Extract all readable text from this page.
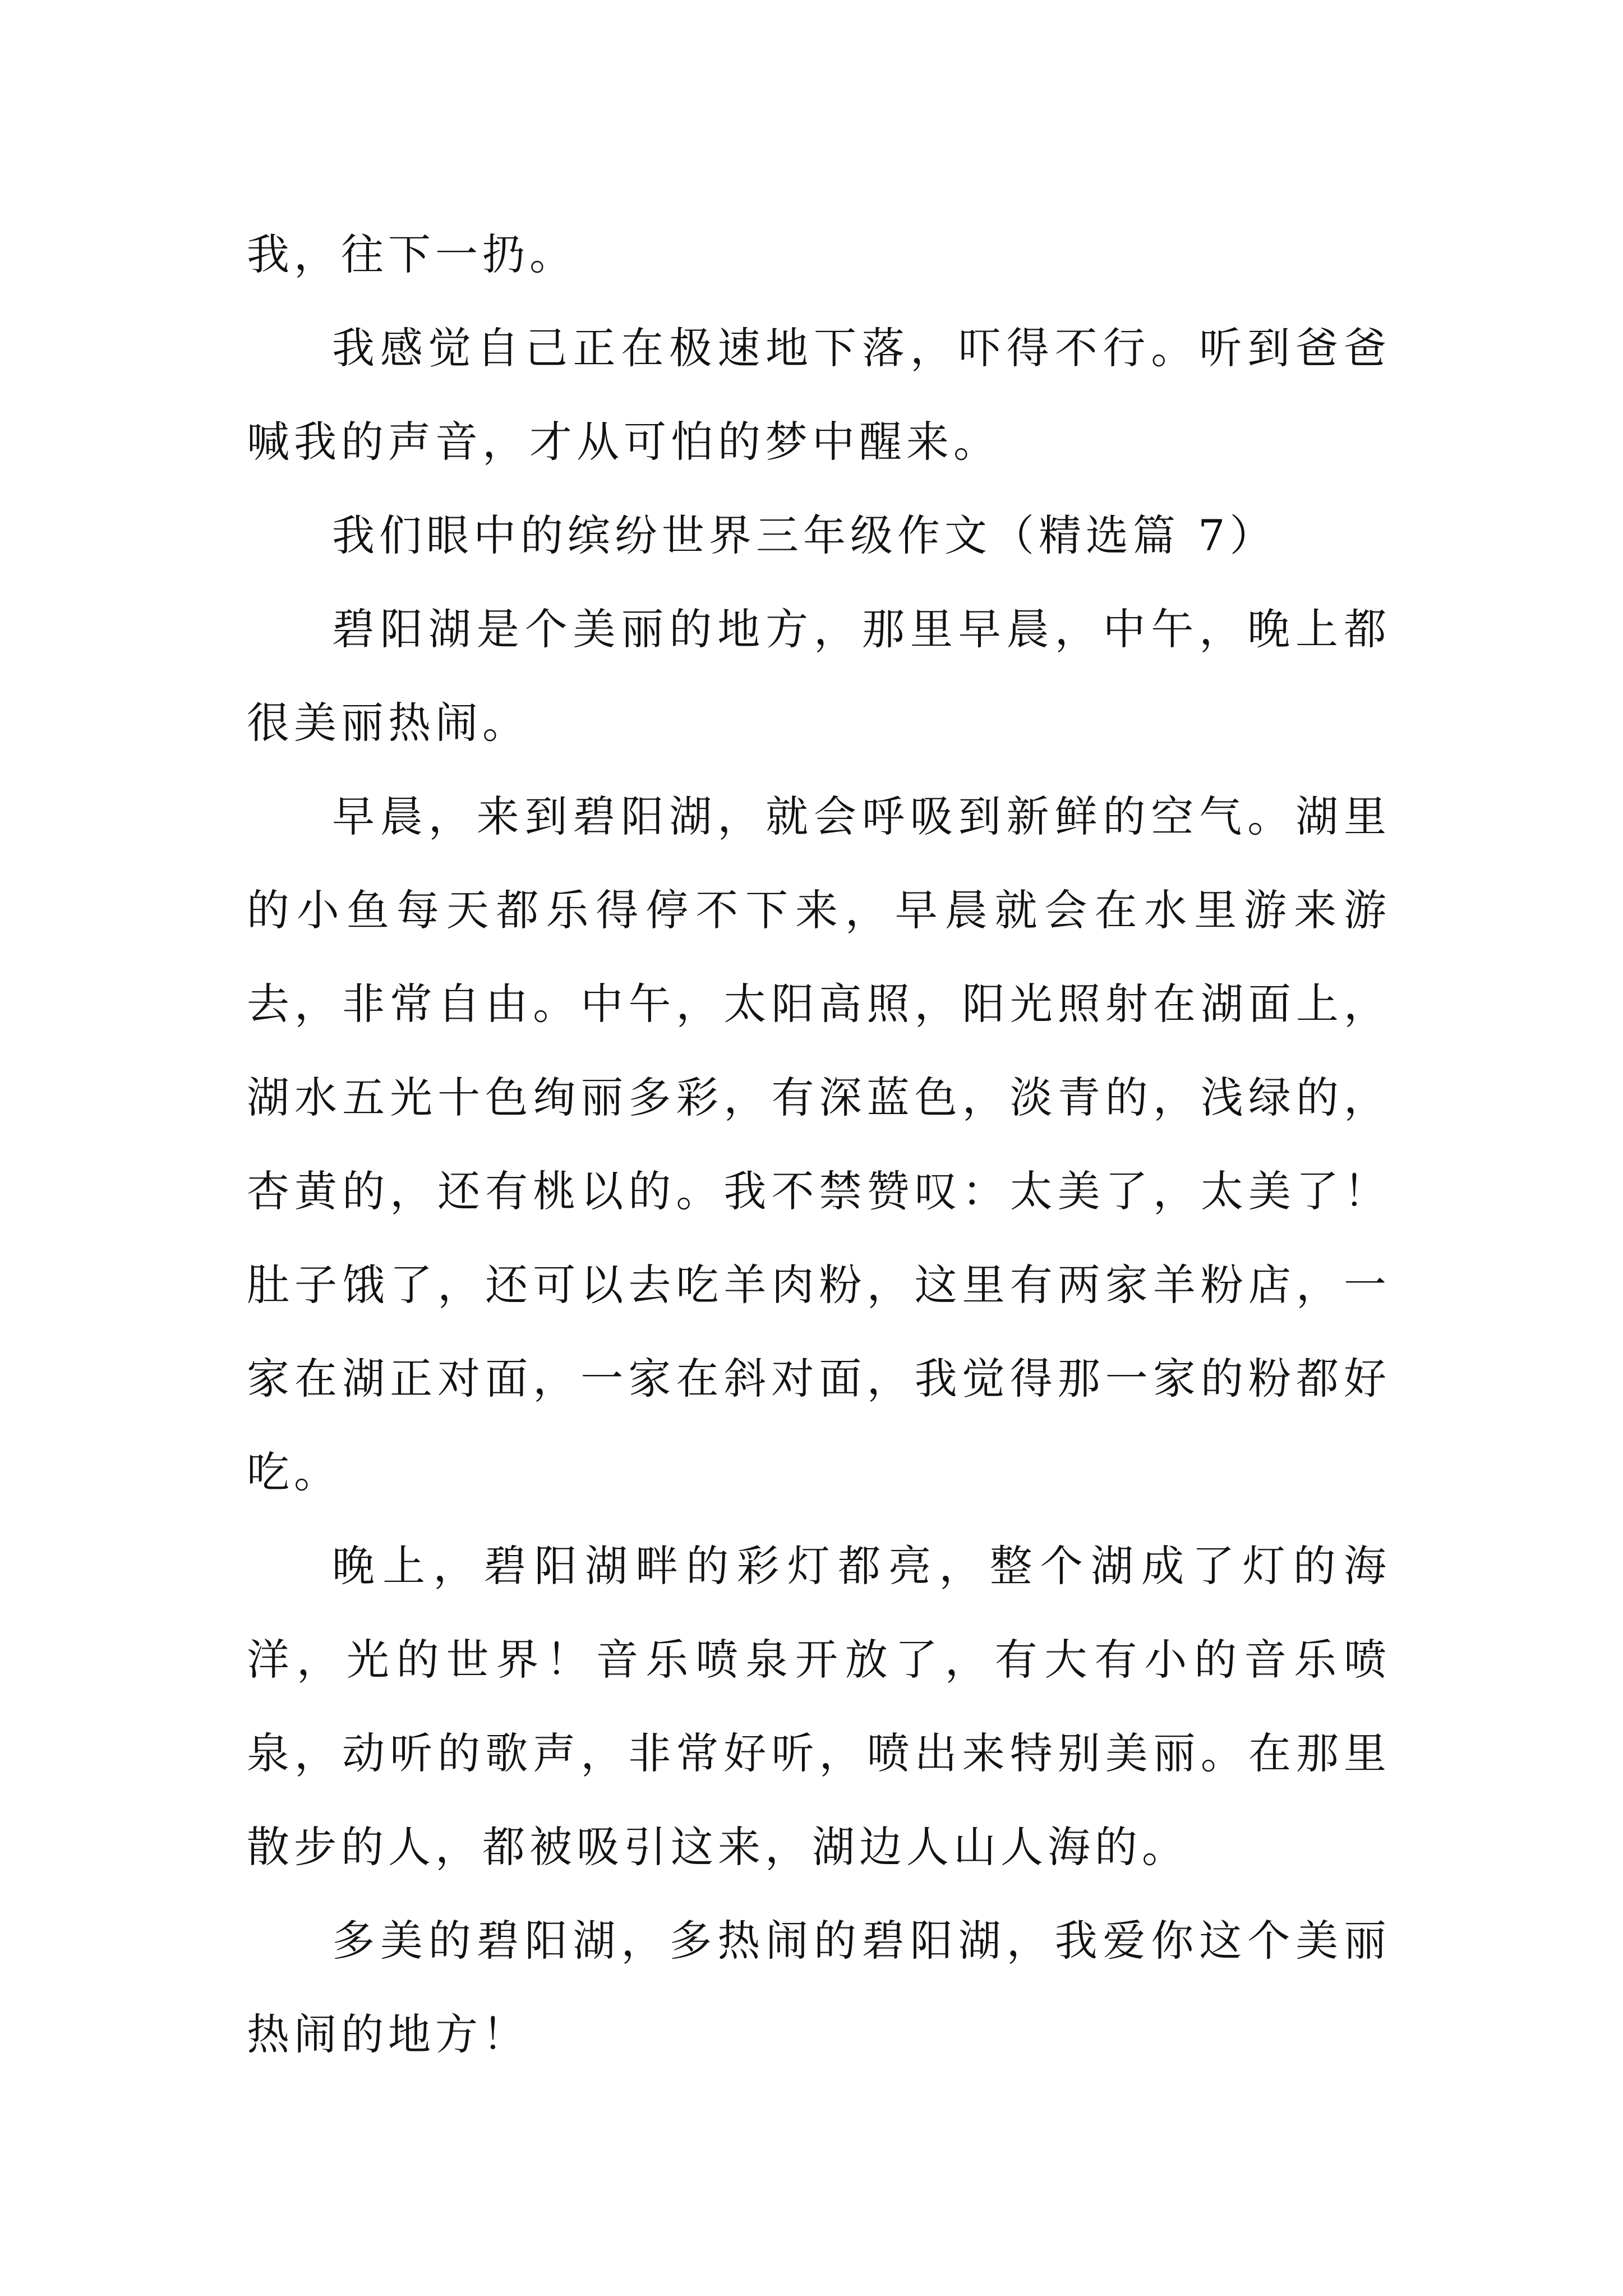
我，往下一扔。

我感觉自己正在极速地下落，吓得不行。听到爸爸喊我的声音，才从可怕的梦中醒来。

我们眼中的缤纷世界三年级作文（精选篇 7）

碧阳湖是个美丽的地方，那里早晨，中午，晚上都很美丽热闹。

早晨，来到碧阳湖，就会呼吸到新鲜的空气。湖里的小鱼每天都乐得停不下来，早晨就会在水里游来游去，非常自由。中午，太阳高照，阳光照射在湖面上，湖水五光十色绚丽多彩，有深蓝色，淡青的，浅绿的，杏黄的，还有桃以的。我不禁赞叹：太美了，太美了！肚子饿了，还可以去吃羊肉粉，这里有两家羊粉店，一家在湖正对面，一家在斜对面，我觉得那一家的粉都好吃。

晚上，碧阳湖畔的彩灯都亮，整个湖成了灯的海洋，光的世界！音乐喷泉开放了，有大有小的音乐喷泉，动听的歌声，非常好听，喷出来特别美丽。在那里散步的人，都被吸引这来，湖边人山人海的。

多美的碧阳湖，多热闹的碧阳湖，我爱你这个美丽热闹的地方！
